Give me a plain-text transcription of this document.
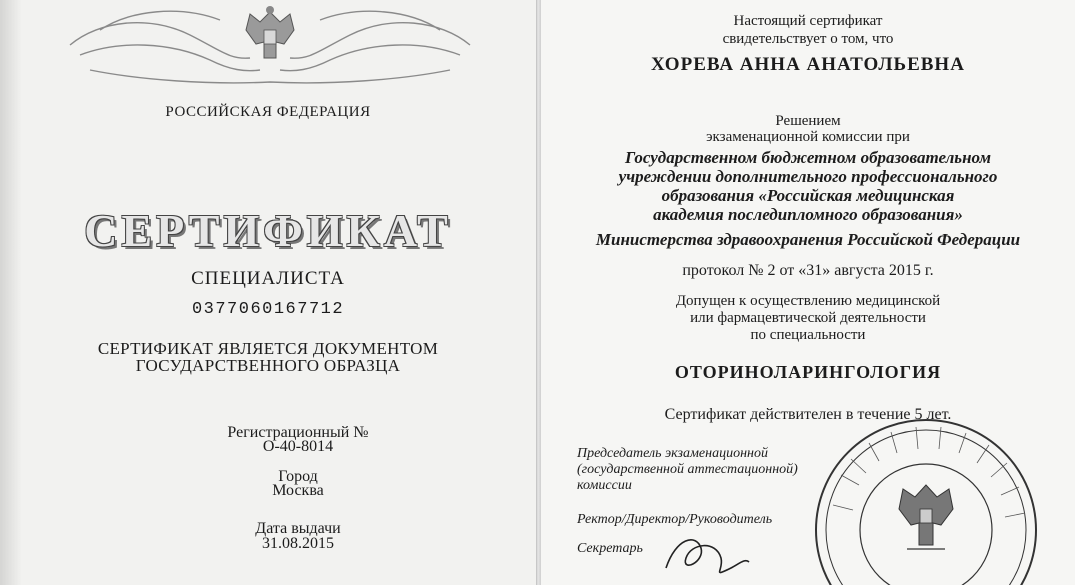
РОССИЙСКАЯ ФЕДЕРАЦИЯ
СЕРТИФИКАТ
СПЕЦИАЛИСТА
0377060167712
СЕРТИФИКАТ ЯВЛЯЕТСЯ ДОКУМЕНТОМ
ГОСУДАРСТВЕННОГО ОБРАЗЦА
Регистрационный №
О-40-8014
Город
Москва
Дата выдачи
31.08.2015
Настоящий сертификат
свидетельствует о том, что
ХОРЕВА АННА АНАТОЛЬЕВНА
Решением
экзаменационной комиссии при
Государственном бюджетном образовательном
учреждении дополнительного профессионального
образования «Российская медицинская
академия последипломного образования»
Министерства здравоохранения Российской Федерации
протокол № 2 от «31» августа 2015 г.
Допущен к осуществлению медицинской
или фармацевтической деятельности
по специальности
ОТОРИНОЛАРИНГОЛОГИЯ
Сертификат действителен в течение 5 лет.
Председатель экзаменационной
(государственной аттестационной)
комиссии
Ректор/Директор/Руководитель
Секретарь
